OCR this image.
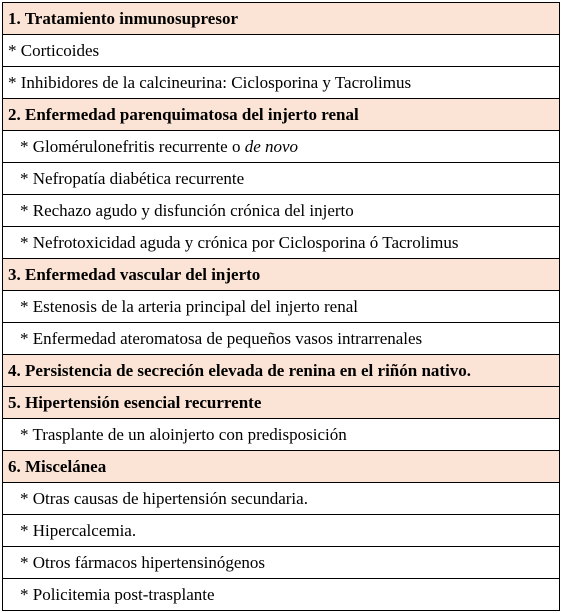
1. Tratamiento inmunosupresor
* Corticoides
* Inhibidores de la calcineurina: Ciclosporina y Tacrolimus
2. Enfermedad parenquimatosa del injerto renal
* Glomérulonefritis recurrente o de novo
* Nefropatía diabética recurrente
* Rechazo agudo y disfunción crónica del injerto
* Nefrotoxicidad aguda y crónica por Ciclosporina ó Tacrolimus
3. Enfermedad vascular del injerto
* Estenosis de la arteria principal del injerto renal
* Enfermedad ateromatosa de pequeños vasos intrarrenales
4. Persistencia de secreción elevada de renina en el riñón nativo.
5. Hipertensión esencial recurrente
* Trasplante de un aloinjerto con predisposición
6. Miscelánea
* Otras causas de hipertensión secundaria.
* Hipercalcemia.
* Otros fármacos hipertensinógenos
* Policitemia post-trasplante
